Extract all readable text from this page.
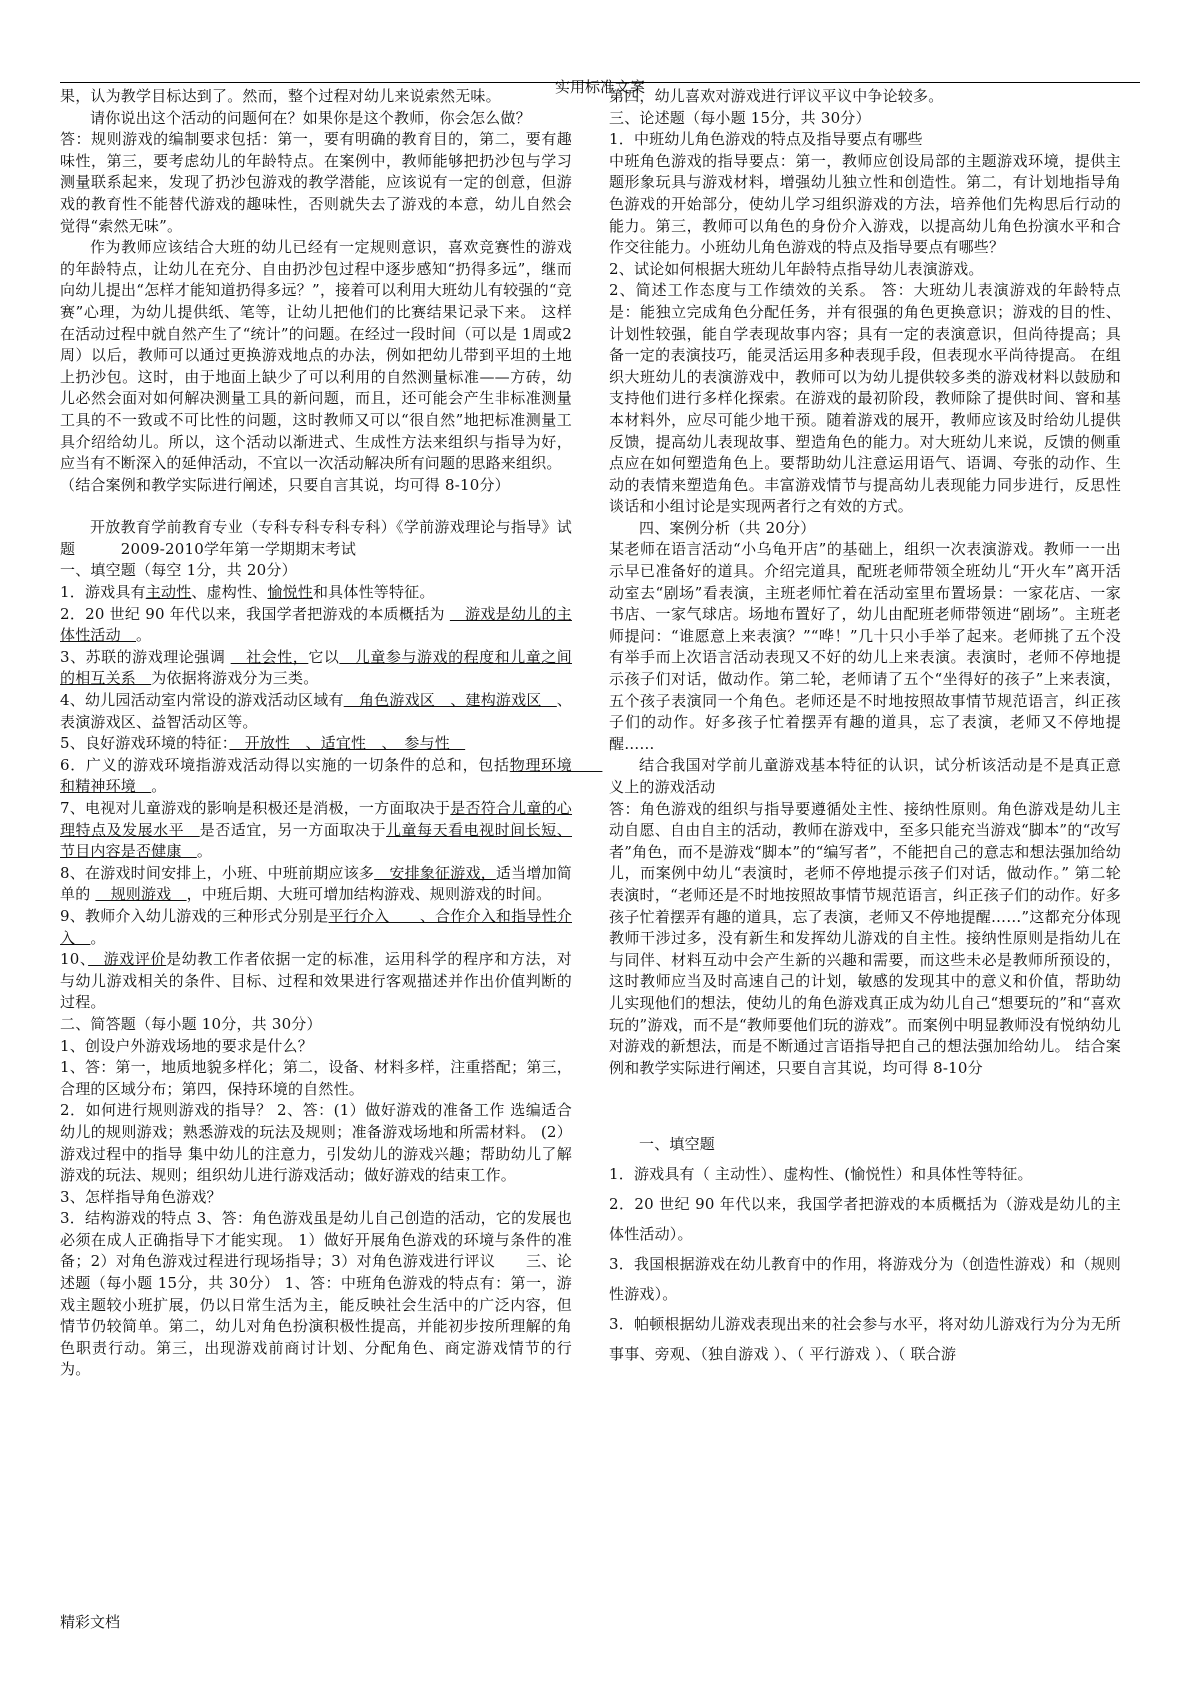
实用标准文案

果，认为教学目标达到了。然而，整个过程对幼儿来说索然无味。

请你说出这个活动的问题何在？如果你是这个教师，你会怎么做？

答：规则游戏的编制要求包括：第一，要有明确的教育目的，第二，要有趣味性，第三，要考虑幼儿的年龄特点。在案例中，教师能够把扔沙包与学习测量联系起来，发现了扔沙包游戏的教学潜能，应该说有一定的创意，但游戏的教育性不能替代游戏的趣味性，否则就失去了游戏的本意，幼儿自然会觉得“索然无味”。

作为教师应该结合大班的幼儿已经有一定规则意识，喜欢竞赛性的游戏的年龄特点，让幼儿在充分、自由扔沙包过程中逐步感知“扔得多远”，继而向幼儿提出“怎样才能知道扔得多远？”，接着可以利用大班幼儿有较强的“竞赛”心理，为幼儿提供纸、笔等，让幼儿把他们的比赛结果记录下来。 这样在活动过程中就自然产生了“统计”的问题。在经过一段时间（可以是 1周或2周）以后，教师可以通过更换游戏地点的办法，例如把幼儿带到平坦的土地上扔沙包。这时，由于地面上缺少了可以利用的自然测量标准——方砖，幼儿必然会面对如何解决测量工具的新问题，而且，还可能会产生非标准测量工具的不一致或不可比性的问题，这时教师又可以“很自然”地把标准测量工具介绍给幼儿。所以，这个活动以渐进式、生成性方法来组织与指导为好，应当有不断深入的延伸活动，不宜以一次活动解决所有问题的思路来组织。

（结合案例和教学实际进行阐述，只要自言其说，均可得 8-10分）

开放教育学前教育专业（专科专科专科专科）《学前游戏理论与指导》试题　　　2009-2010学年第一学期期末考试

一、填空题（每空 1分，共 20分）

1．游戏具有主动性、虚构性、愉悦性和具体性等特征。

2．20 世纪 90 年代以来，我国学者把游戏的本质概括为 　游戏是幼儿的主体性活动　。

3、苏联的游戏理论强调 　社会性，它以　儿童参与游戏的程度和儿童之间的相互关系　为依据将游戏分为三类。

4、幼儿园活动室内常设的游戏活动区域有　角色游戏区　、建构游戏区　、表演游戏区、益智活动区等。

5、良好游戏环境的特征：　开放性　、适宜性　、　参与性　

6．广义的游戏环境指游戏活动得以实施的一切条件的总和，包括物理环境　　和精神环境　。

7、电视对儿童游戏的影响是积极还是消极，一方面取决于是否符合儿童的心理特点及发展水平　是否适宜，另一方面取决于儿童每天看电视时间长短、节目内容是否健康　。

8、在游戏时间安排上，小班、中班前期应该多　安排象征游戏，适当增加简单的 　规则游戏　，中班后期、大班可增加结构游戏、规则游戏的时间。

9、教师介入幼儿游戏的三种形式分别是平行介入　　、合作介入和指导性介入　。

10、　游戏评价是幼教工作者依据一定的标准，运用科学的程序和方法，对与幼儿游戏相关的条件、目标、过程和效果进行客观描述并作出价值判断的过程。

二、简答题（每小题 10分，共 30分）

1、创设户外游戏场地的要求是什么？

1、答：第一，地质地貌多样化；第二，设备、材料多样，注重搭配；第三，合理的区域分布；第四，保持环境的自然性。

2．如何进行规则游戏的指导？ 2、答：(1）做好游戏的准备工作 选编适合幼儿的规则游戏；熟悉游戏的玩法及规则；准备游戏场地和所需材料。 (2）游戏过程中的指导 集中幼儿的注意力，引发幼儿的游戏兴趣；帮助幼儿了解游戏的玩法、规则；组织幼儿进行游戏活动；做好游戏的结束工作。

3、怎样指导角色游戏？

3．结构游戏的特点 3、答：角色游戏虽是幼儿自己创造的活动，它的发展也必须在成人正确指导下才能实现。 1）做好开展角色游戏的环境与条件的准备；2）对角色游戏过程进行现场指导；3）对角色游戏进行评议　　三、论述题（每小题 15分，共 30分） 1、答：中班角色游戏的特点有：第一，游戏主题较小班扩展，仍以日常生活为主，能反映社会生活中的广泛内容，但情节仍较简单。第二，幼儿对角色扮演积极性提高，并能初步按所理解的角色职责行动。第三，出现游戏前商讨计划、分配角色、商定游戏情节的行为。

第四，幼儿喜欢对游戏进行评议平议中争论较多。

三、论述题（每小题 15分，共 30分）

1．中班幼儿角色游戏的特点及指导要点有哪些

中班角色游戏的指导要点：第一，教师应创设局部的主题游戏环境，提供主题形象玩具与游戏材料，增强幼儿独立性和创造性。第二，有计划地指导角色游戏的开始部分，使幼儿学习组织游戏的方法，培养他们先构思后行动的能力。第三，教师可以角色的身份介入游戏，以提高幼儿角色扮演水平和合作交往能力。小班幼儿角色游戏的特点及指导要点有哪些？

2、试论如何根据大班幼儿年龄特点指导幼儿表演游戏。

2、简述工作态度与工作绩效的关系。 答：大班幼儿表演游戏的年龄特点是：能独立完成角色分配任务，并有很强的角色更换意识；游戏的目的性、计划性较强，能自学表现故事内容；具有一定的表演意识，但尚待提高；具备一定的表演技巧，能灵活运用多种表现手段，但表现水平尚待提高。 在组织大班幼儿的表演游戏中，教师可以为幼儿提供较多类的游戏材料以鼓励和支持他们进行多样化探索。在游戏的最初阶段，教师除了提供时间、窨和基本材料外，应尽可能少地干预。随着游戏的展开，教师应该及时给幼儿提供反馈，提高幼儿表现故事、塑造角色的能力。对大班幼儿来说，反馈的侧重点应在如何塑造角色上。要帮助幼儿注意运用语气、语调、夸张的动作、生动的表情来塑造角色。丰富游戏情节与提高幼儿表现能力同步进行，反思性谈话和小组讨论是实现两者行之有效的方式。

四、案例分析（共 20分）

某老师在语言活动“小乌龟开店”的基础上，组织一次表演游戏。教师一一出示早已准备好的道具。介绍完道具，配班老师带领全班幼儿“开火车”离开活动室去“剧场”看表演，主班老师忙着在活动室里布置场景：一家花店、一家书店、一家气球店。场地布置好了，幼儿由配班老师带领进“剧场”。主班老师提问：“谁愿意上来表演？”“哗！”几十只小手举了起来。老师挑了五个没有举手而上次语言活动表现又不好的幼儿上来表演。表演时，老师不停地提示孩子们对话，做动作。第二轮，老师请了五个“坐得好的孩子”上来表演，五个孩子表演同一个角色。老师还是不时地按照故事情节规范语言，纠正孩子们的动作。好多孩子忙着摆弄有趣的道具，忘了表演，老师又不停地提醒……

结合我国对学前儿童游戏基本特征的认识，试分析该活动是不是真正意义上的游戏活动

答：角色游戏的组织与指导要遵循处主性、接纳性原则。角色游戏是幼儿主动自愿、自由自主的活动，教师在游戏中，至多只能充当游戏“脚本”的“改写者”角色，而不是游戏“脚本”的“编写者”，不能把自己的意志和想法强加给幼儿，而案例中幼儿“表演时，老师不停地提示孩子们对话，做动作。” 第二轮表演时，“老师还是不时地按照故事情节规范语言，纠正孩子们的动作。好多孩子忙着摆弄有趣的道具，忘了表演，老师又不停地提醒……”这都充分体现教师干涉过多，没有新生和发挥幼儿游戏的自主性。接纳性原则是指幼儿在与同伴、材料互动中会产生新的兴趣和需要，而这些未必是教师所预设的，这时教师应当及时高速自己的计划，敏感的发现其中的意义和价值，帮助幼儿实现他们的想法，使幼儿的角色游戏真正成为幼儿自己“想要玩的”和“喜欢玩的”游戏，而不是“教师要他们玩的游戏”。而案例中明显教师没有悦纳幼儿对游戏的新想法，而是不断通过言语指导把自己的想法强加给幼儿。 结合案例和教学实际进行阐述，只要自言其说，均可得 8-10分

一、填空题

1．游戏具有（ 主动性）、虚构性、(愉悦性）和具体性等特征。

2．20 世纪 90 年代以来，我国学者把游戏的本质概括为（游戏是幼儿的主体性活动）。

3．我国根据游戏在幼儿教育中的作用，将游戏分为（创造性游戏）和（规则性游戏）。

3．帕顿根据幼儿游戏表现出来的社会参与水平，将对幼儿游戏行为分为无所事事、旁观、（独自游戏 ）、（ 平行游戏 ）、（ 联合游

精彩文档
